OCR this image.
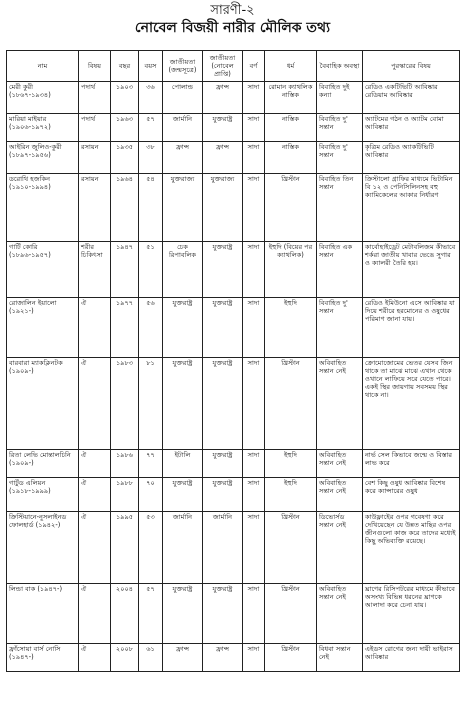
সারণী-২
নোবেল বিজয়ী নারীর মৌলিক তথ্য
নাম	বিষয়	বছর	বয়স	জাতীয়তা (জন্মসূত্রে)	জাতীয়তা (নোবেল প্রাপ্তি)	বর্ণ	ধর্ম	বৈবাহিক অবস্থা	পুরস্কারের বিষয়
মেরী কুরী (১৮৬৭-১৯৩৪)	পদার্থ	১৯০৩	৩৬	পোলান্ড	ফ্রান্স	সাদা	রোমান ক্যাথলিক নাস্তিক	বিবাহিত দুই কন্যা	রেডিও একটিভিটি আবিষ্কার রেডিয়াম আবিষ্কার
মারিয়া মাইয়ার (১৯০৬-১৯৭২)	পদার্থ	১৯৬৩	৫৭	জার্মানি	যুক্তরাষ্ট্র	সাদা	নাস্তিক	বিবাহিত দু' সন্তান	অ্যাটমের গঠন ও অ্যাটম বোমা আবিষ্কার
আইরিন জুলিও-কুরী (১৮৯৭-১৯৫৬)	রসায়ন	১৯৩৫	৩৮	ফ্রান্স	ফ্রান্স	সাদা	নাস্তিক	বিবাহিত দু' সন্তান	কৃত্রিম রেডিও অ্যাকটিভিটি আবিষ্কার
ডরোথি হজকিন (১৯১০-১৯৯৪)	রসায়ন	১৯৬৪	৫৪	যুক্তরাজ্য	যুক্তরাজ্য	সাদা	খ্রিস্টান	বিবাহিত তিন সন্তান	ক্রিস্টালো গ্রাফির মাধ্যমে ভিটামিন বি ১২ ও পেনিসিলিনসহ বহু ক্যামিকেলের আকার নির্ধারণ
গার্টি কোরি (১৮৯৬-১৯৫৭)	শরীর চিকিৎসা	১৯৪৭	৫১	চেক রিপাবলিক	যুক্তরাষ্ট্র	সাদা	ইহুদি (বিয়ের পর ক্যাথলিক)	বিবাহিত এক সন্তান	কার্বোহাইড্রেট মেটাবলিজম কীভাবে শর্করা জাতীয় খাবার ভেঙে সুগার ও ক্যালরী তৈরি হয়।
রোজালিন ইয়ালো (১৯২১-)	ঐ	১৯৭৭	৫৬	যুক্তরাষ্ট্র	যুক্তরাষ্ট্র	সাদা	ইহুদি	বিবাহিত দু' সন্তান	রেডিও ইমিউনো এসে আবিষ্কার যা দিয়ে শরীরে হরমোনের ও ওষুধের পরিমাণ জানা যায়।
বারবারা ম্যাকক্লিনটক (১৯০৯-)	ঐ	১৯৮৩	৮১	যুক্তরাষ্ট্র	যুক্তরাষ্ট্র	সাদা	খ্রিস্টান	অবিবাহিত সন্তান নেই	ক্রোমোজোমের ভেতর যেসব জিন থাকে তা মাঝে মাঝে এখান থেকে ওখানে লাফিয়ে সরে যেতে পারে। একই স্থির জায়গায় সবসময় স্থির থাকে না।
রিতা লেভি মোন্তালচিনি (১৯০৯-)	ঐ	১৯৮৬	৭৭	ইটালি	যুক্তরাষ্ট্র	সাদা	ইহুদি	অবিবাহিত সন্তান নেই	নার্ভ সেল কিভাবে জন্মে ও বিস্তার লাভ করে
গার্টুড এলিয়ন (১৯১৮-১৯৯৯)	ঐ	১৯৮৮	৭০	যুক্তরাষ্ট্র	যুক্তরাষ্ট্র	সাদা	ইহুদি	অবিবাহিত সন্তান নেই	বেশ কিছু ওষুধ আবিষ্কার বিশেষ করে ক্যান্সারের ওষুধ
ক্রিস্টিয়ানে-নুসলাইনড ফোলহার্ড (১৯৪২-)	ঐ	১৯৯৫	৫৩	জার্মানি	জার্মানি	সাদা	খ্রিস্টান	ডিভোর্সড সন্তান নেই	কাউফ্লাইের ওপর গবেষণা করে দেখিয়েছেন যে উন্নত মাছির ওপর জীনগুলো কাজ করে তাদের মধ্যেই কিছু অভিব্যক্তি রয়েছে।
লিন্ডা বাক (১৯৪৭-)	ঐ	২০০৪	৫৭	যুক্তরাষ্ট্র	যুক্তরাষ্ট্র	সাদা	খ্রিস্টান	অবিবাহিত সন্তান নেই	ঘ্রাণের রিসিপটরের মাধ্যমে কীভাবে অসংখ্য বিভিন্ন ধরনের ঘ্রাণকে আলাদা করে চেনা যায়।
ফ্রাঁসোয়া বার্স নোসি (১৯৪৭-)	ঐ	২০০৮	৬১	ফ্রান্স	ফ্রান্স	সাদা	খ্রিস্টান	বিধবা সন্তান নেই	এইডস রোগের জন্য দায়ী ভাইরাস আবিষ্কার
